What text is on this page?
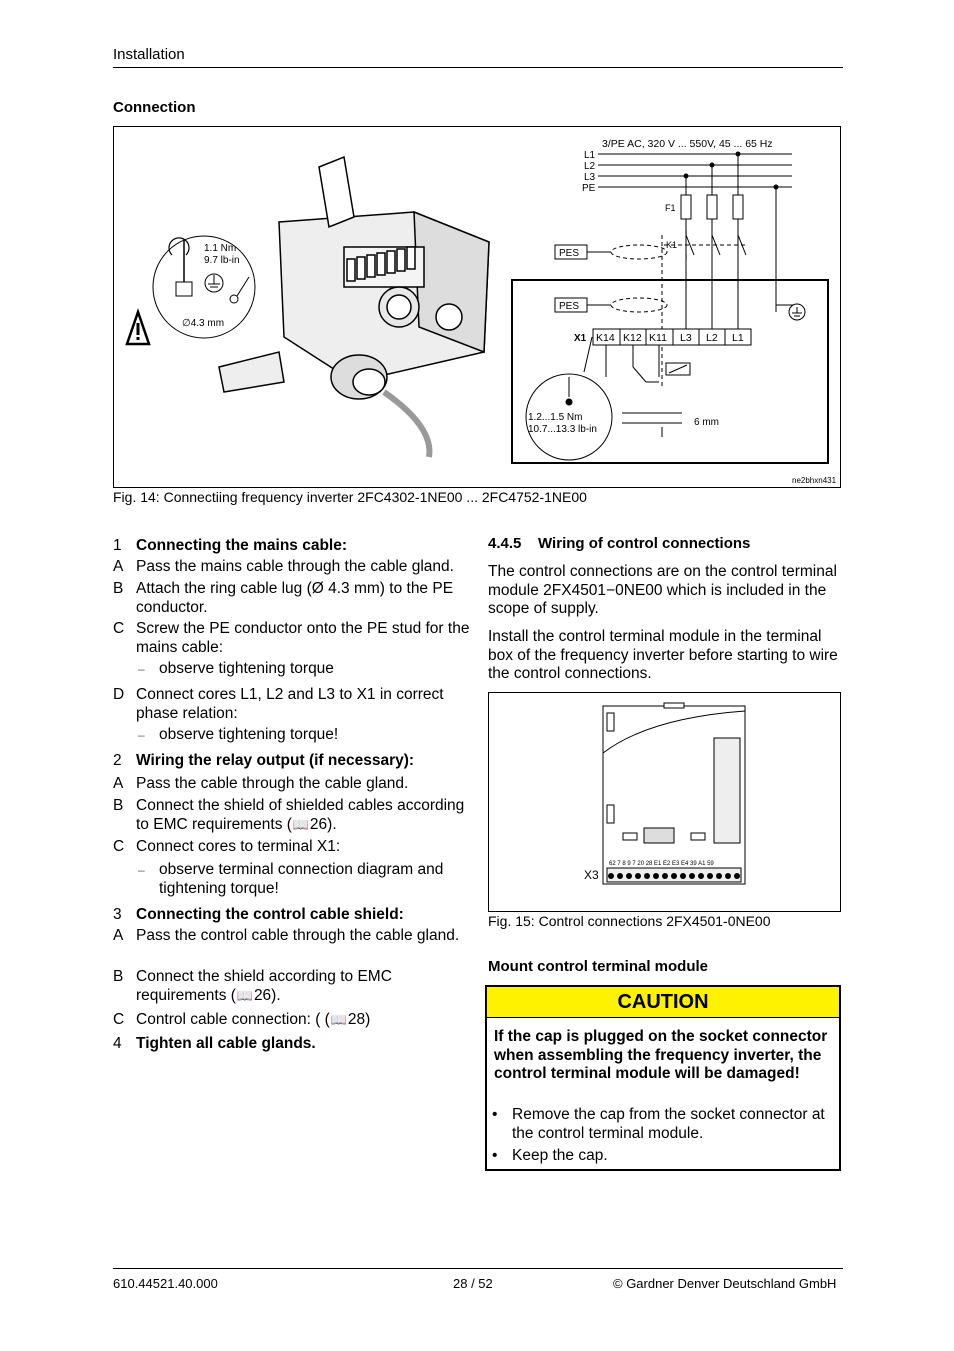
Installation
Connection
1.1 Nm
9.7 lb-in
∅4.3 mm
3/PE AC, 320 V ... 550V, 45 ... 65 Hz
L1
L2
L3
PE
F1
K1
PES
PES
X1 K14 K12 K11 L3 L2 L1
1.2...1.5 Nm
10.7...13.3 lb-in
6 mm
ne2bhxn431
Fig. 14: Connectiing frequency inverter 2FC4302-1NE00 ... 2FC4752-1NE00
1 Connecting the mains cable:
A Pass the mains cable through the cable gland.
B Attach the ring cable lug (Ø 4.3 mm) to the PE conductor.
C Screw the PE conductor onto the PE stud for the mains cable:
– observe tightening torque
D Connect cores L1, L2 and L3 to X1 in correct phase relation:
– observe tightening torque!
2 Wiring the relay output (if necessary):
A Pass the cable through the cable gland.
B Connect the shield of shielded cables according to EMC requirements (📖26).
C Connect cores to terminal X1:
– observe terminal connection diagram and tightening torque!
3 Connecting the control cable shield:
A Pass the control cable through the cable gland.
B Connect the shield according to EMC requirements (📖26).
C Control cable connection: ( (📖28)
4 Tighten all cable glands.
4.4.5    Wiring of control connections
The control connections are on the control terminal module 2FX4501−0NE00 which is included in the scope of supply.
Install the control terminal module in the terminal box of the frequency inverter before starting to wire the control connections.
62 7 8 9 7 20 28 E1 E2 E3 E4 39 A1 59
X3
Fig. 15: Control connections 2FX4501-0NE00
Mount control terminal module
CAUTION
If the cap is plugged on the socket connector when assembling the frequency inverter, the control terminal module will be damaged!
• Remove the cap from the socket connector at the control terminal module.
• Keep the cap.
610.44521.40.000	28 / 52	© Gardner Denver Deutschland GmbH
